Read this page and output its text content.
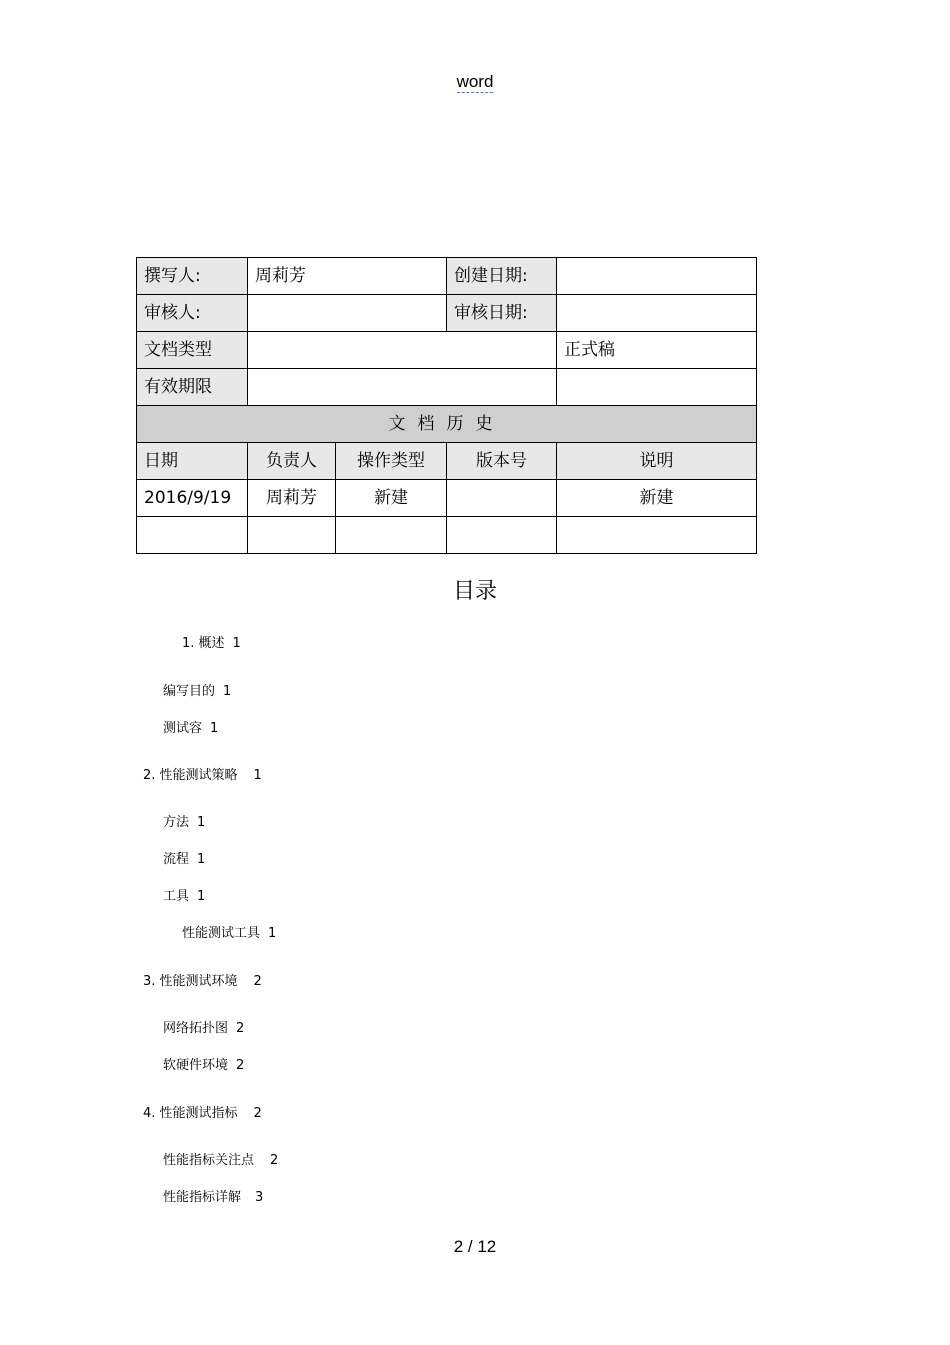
word
撰写人:	周莉芳		创建日期:	
审核人:			审核日期:	
文档类型				正式稿
有效期限				
文档历史				
日期	负责人	操作类型	版本号	说明
2016/9/19	周莉芳	新建		新建

目录
1. 概述 1
编写目的 1
测试容 1
2. 性能测试策略 1
方法 1
流程 1
工具 1
性能测试工具 1
3. 性能测试环境 2
网络拓扑图 2
软硬件环境 2
4. 性能测试指标 2
性能指标关注点 2
性能指标详解 3
2 / 12
